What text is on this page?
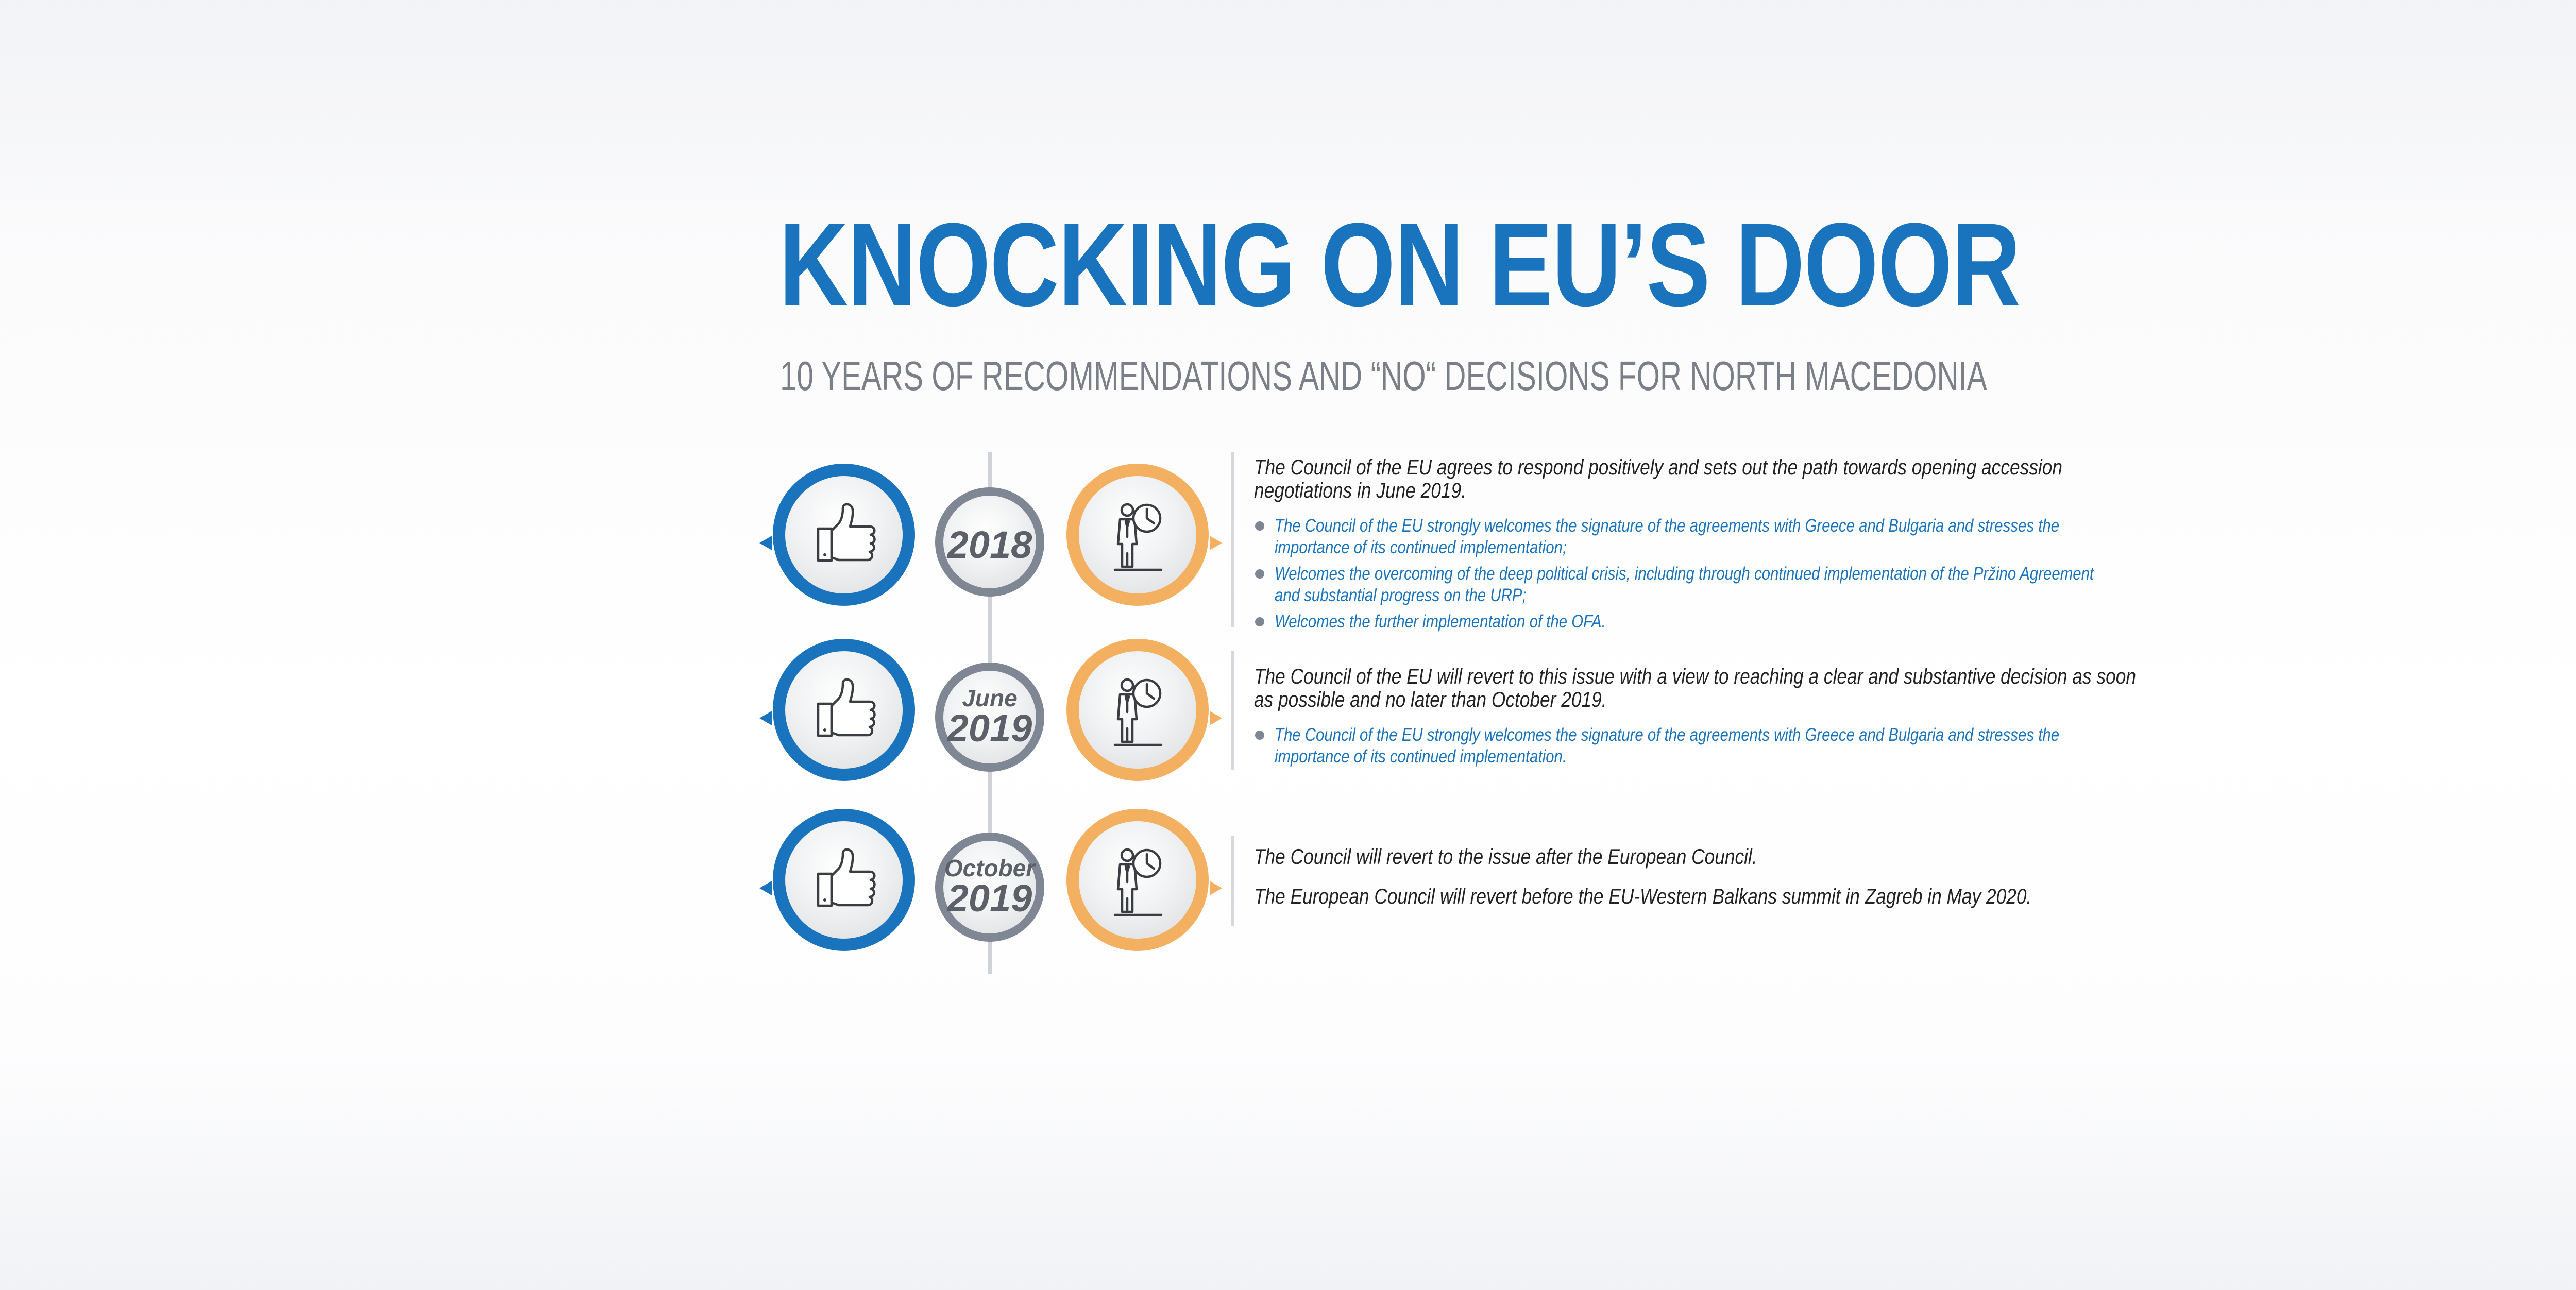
KNOCKING ON EU’S DOOR
10 YEARS OF RECOMMENDATIONS AND “NO“ DECISIONS FOR NORTH MACEDONIA
2018

The Council of the EU agrees to respond positively and sets out the path towards opening accession negotiations in June 2019.

The Council of the EU strongly welcomes the signature of the agreements with Greece and Bulgaria and stresses the importance of its continued implementation;
Welcomes the overcoming of the deep political crisis, including through continued implementation of the Pržino Agreement and substantial progress on the URP;
Welcomes the further implementation of the OFA.
June
2019

The Council of the EU will revert to this issue with a view to reaching a clear and substantive decision as soon as possible and no later than October 2019.

The Council of the EU strongly welcomes the signature of the agreements with Greece and Bulgaria and stresses the importance of its continued implementation.
October
2019

The Council will revert to the issue after the European Council.

The European Council will revert before the EU-Western Balkans summit in Zagreb in May 2020.
